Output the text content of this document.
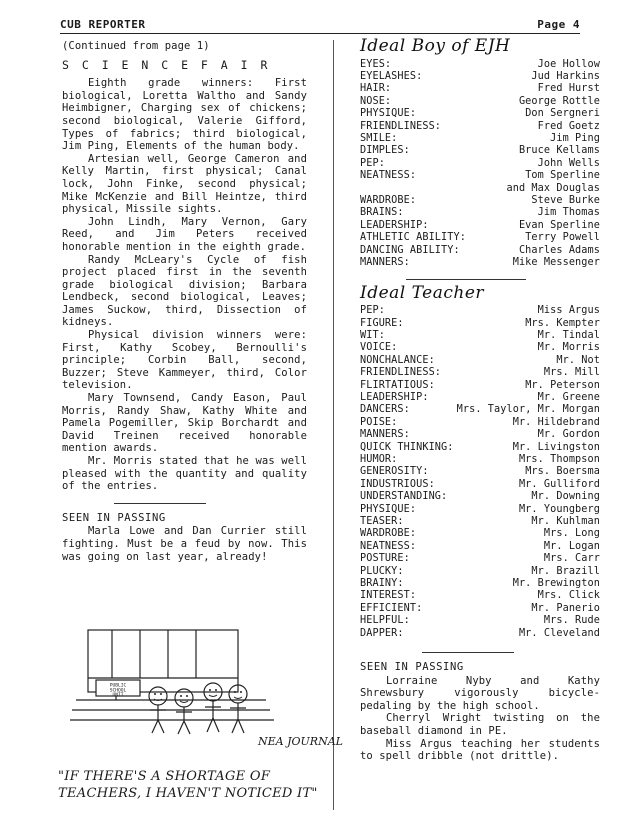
CUB REPORTER	Page 4

(Continued from page 1)
S C I E N C E F A I R

Eighth grade winners: First biological, Loretta Waltho and Sandy Heimbigner, Charging sex of chickens; second biological, Valerie Gifford, Types of fabrics; third biological, Jim Ping, Elements of the human body.

Artesian well, George Cameron and Kelly Martin, first physical; Canal lock, John Finke, second physical; Mike McKenzie and Bill Heintze, third physical, Missile sights.

John Lindh, Mary Vernon, Gary Reed, and Jim Peters received honorable mention in the eighth grade.

Randy McLeary's Cycle of fish project placed first in the seventh grade biological division; Barbara Lendbeck, second biological, Leaves; James Suckow, third, Dissection of kidneys.

Physical division winners were: First, Kathy Scobey, Bernoulli's principle; Corbin Ball, second, Buzzer; Steve Kammeyer, third, Color television.

Mary Townsend, Candy Eason, Paul Morris, Randy Shaw, Kathy White and Pamela Pogemiller, Skip Borchardt and David Treinen received honorable mention awards.

Mr. Morris stated that he was well pleased with the quantity and quality of the entries.

SEEN IN PASSING

Marla Lowe and Dan Currier still fighting. Must be a feud by now. This was going on last year, already!

PUBLIC
SCHOOL
UNIT
NEA JOURNAL
"IF THERE'S A SHORTAGE OF TEACHERS, I HAVEN'T NOTICED IT"
Ideal Boy of EJH
EYES:	Joe Hollow
EYELASHES:	Jud Harkins
HAIR:	Fred Hurst
NOSE:	George Rottle
PHYSIQUE:	Don Sergneri
FRIENDLINESS:	Fred Goetz
SMILE:	Jim Ping
DIMPLES:	Bruce Kellams
PEP:	John Wells
NEATNESS:	Tom Sperline
	and Max Douglas
WARDROBE:	Steve Burke
BRAINS:	Jim Thomas
LEADERSHIP:	Evan Sperline
ATHLETIC ABILITY:	Terry Powell
DANCING ABILITY:	Charles Adams
MANNERS:	Mike Messenger
Ideal Teacher
PEP:	Miss Argus
FIGURE:	Mrs. Kempter
WIT:	Mr. Tindal
VOICE:	Mr. Morris
NONCHALANCE:	Mr. Not
FRIENDLINESS:	Mrs. Mill
FLIRTATIOUS:	Mr. Peterson
LEADERSHIP:	Mr. Greene
DANCERS:	Mrs. Taylor, Mr. Morgan
POISE:	Mr. Hildebrand
MANNERS:	Mr. Gordon
QUICK THINKING:	Mr. Livingston
HUMOR:	Mrs. Thompson
GENEROSITY:	Mrs. Boersma
INDUSTRIOUS:	Mr. Gulliford
UNDERSTANDING:	Mr. Downing
PHYSIQUE:	Mr. Youngberg
TEASER:	Mr. Kuhlman
WARDROBE:	Mrs. Long
NEATNESS:	Mr. Logan
POSTURE:	Mrs. Carr
PLUCKY:	Mr. Brazill
BRAINY:	Mr. Brewington
INTEREST:	Mrs. Click
EFFICIENT:	Mr. Panerio
HELPFUL:	Mrs. Rude
DAPPER:	Mr. Cleveland
SEEN IN PASSING

Lorraine Nyby and Kathy Shrewsbury vigorously bicycle-pedaling by the high school.

Cherryl Wright twisting on the baseball diamond in PE.

Miss Argus teaching her students to spell dribble (not drittle).
